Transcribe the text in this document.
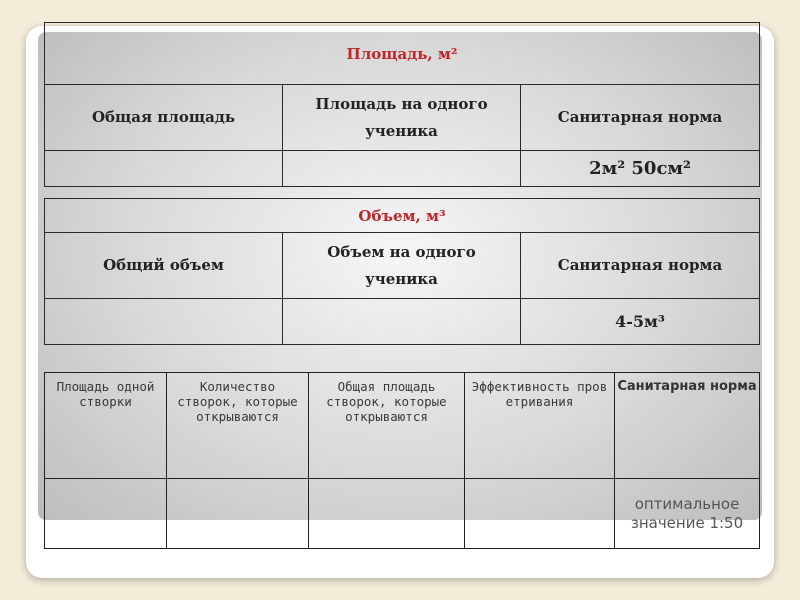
Площадь, м²		
Общая площадь	Площадь на одного ученика	Санитарная норма
		2м² 50см²
Объем, м³		
Общий объем	Объем на одного ученика	Санитарная норма
		4-5м³
Площадь одной створки	Количество створок, которые открываются	Общая площадь створок, которые открываются	Эффективность проветривания	Санитарная норма
				оптимальное значение 1:50
